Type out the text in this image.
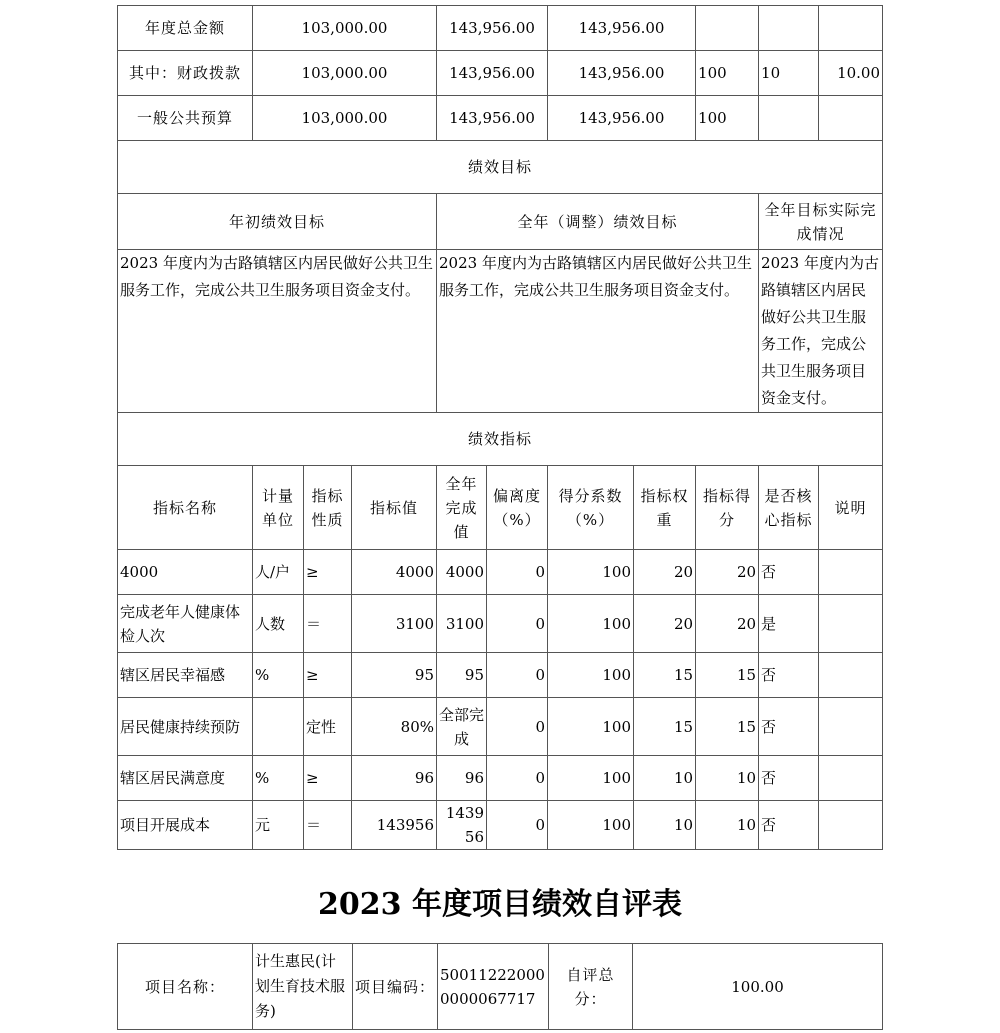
年度总金额	103,000.00			143,956.00		143,956.00				
其中：财政拨款	103,000.00			143,956.00		143,956.00		100	10	10.00
一般公共预算	103,000.00			143,956.00		143,956.00		100		
绩效目标										
年初绩效目标				全年（调整）绩效目标					全年目标实际完成情况	
2023 年度内为古路镇辖区内居民做好公共卫生服务工作，完成公共卫生服务项目资金支付。				2023 年度内为古路镇辖区内居民做好公共卫生服务工作，完成公共卫生服务项目资金支付。					2023 年度内为古路镇辖区内居民做好公共卫生服务工作，完成公共卫生服务项目资金支付。	
绩效指标										
指标名称	计量单位	指标性质	指标值	全年完成值	偏离度（%）	得分系数（%）	指标权重	指标得分	是否核心指标	说明
4000	人/户	≥	4000	4000	0	100	20	20	否	
完成老年人健康体检人次	人数	＝	3100	3100	0	100	20	20	是	
辖区居民幸福感	%	≥	95	95	0	100	15	15	否	
居民健康持续预防		定性	80%	全部完成	0	100	15	15	否	
辖区居民满意度	%	≥	96	96	0	100	10	10	否	
项目开展成本	元	＝	143956	143956	0	100	10	10	否	
2023 年度项目绩效自评表
项目名称：	计生惠民(计划生育技术服务)	项目编码：	500112220000000067717	自评总分：	100.00
